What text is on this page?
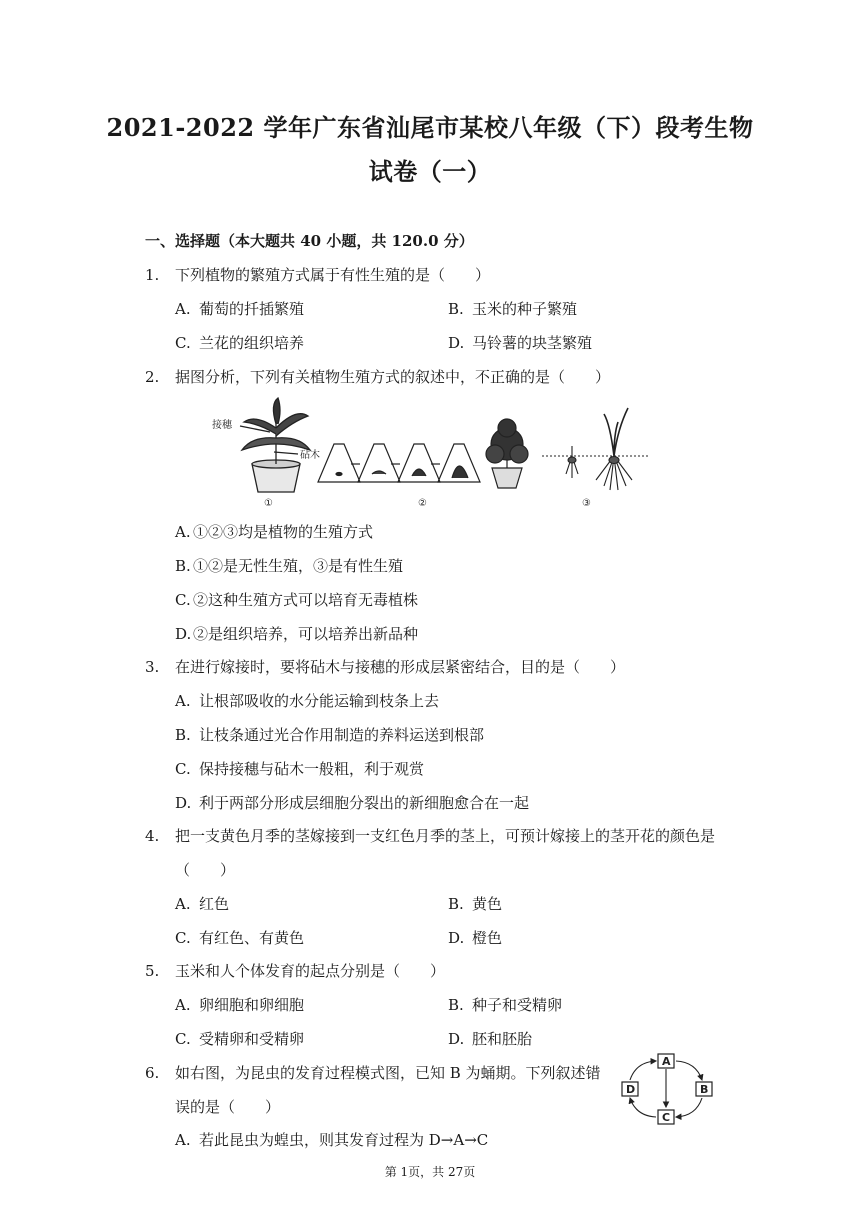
2021-2022 学年广东省汕尾市某校八年级（下）段考生物
试卷（一）
一、选择题（本大题共 40 小题，共 120.0 分）
1. 下列植物的繁殖方式属于有性生殖的是（　　）
A. 葡萄的扦插繁殖	B. 玉米的种子繁殖
C. 兰花的组织培养	D. 马铃薯的块茎繁殖
2. 据图分析，下列有关植物生殖方式的叙述中，不正确的是（　　）
接穗
砧木
①	②	③
A. ①②③均是植物的生殖方式
B. ①②是无性生殖，③是有性生殖
C. ②这种生殖方式可以培育无毒植株
D. ②是组织培养，可以培养出新品种
3. 在进行嫁接时，要将砧木与接穗的形成层紧密结合，目的是（　　）
A. 让根部吸收的水分能运输到枝条上去
B. 让枝条通过光合作用制造的养料运送到根部
C. 保持接穗与砧木一般粗，利于观赏
D. 利于两部分形成层细胞分裂出的新细胞愈合在一起
4. 把一支黄色月季的茎嫁接到一支红色月季的茎上，可预计嫁接上的茎开花的颜色是
（　　）
A. 红色	B. 黄色
C. 有红色、有黄色	D. 橙色
5. 玉米和人个体发育的起点分别是（　　）
A. 卵细胞和卵细胞	B. 种子和受精卵
C. 受精卵和受精卵	D. 胚和胚胎
6. 如右图，为昆虫的发育过程模式图，已知 B 为蛹期。下列叙述错
误的是（　　）
A
B
C
D
A. 若此昆虫为蝗虫，则其发育过程为 D→A→C
第 1页，共 27页
